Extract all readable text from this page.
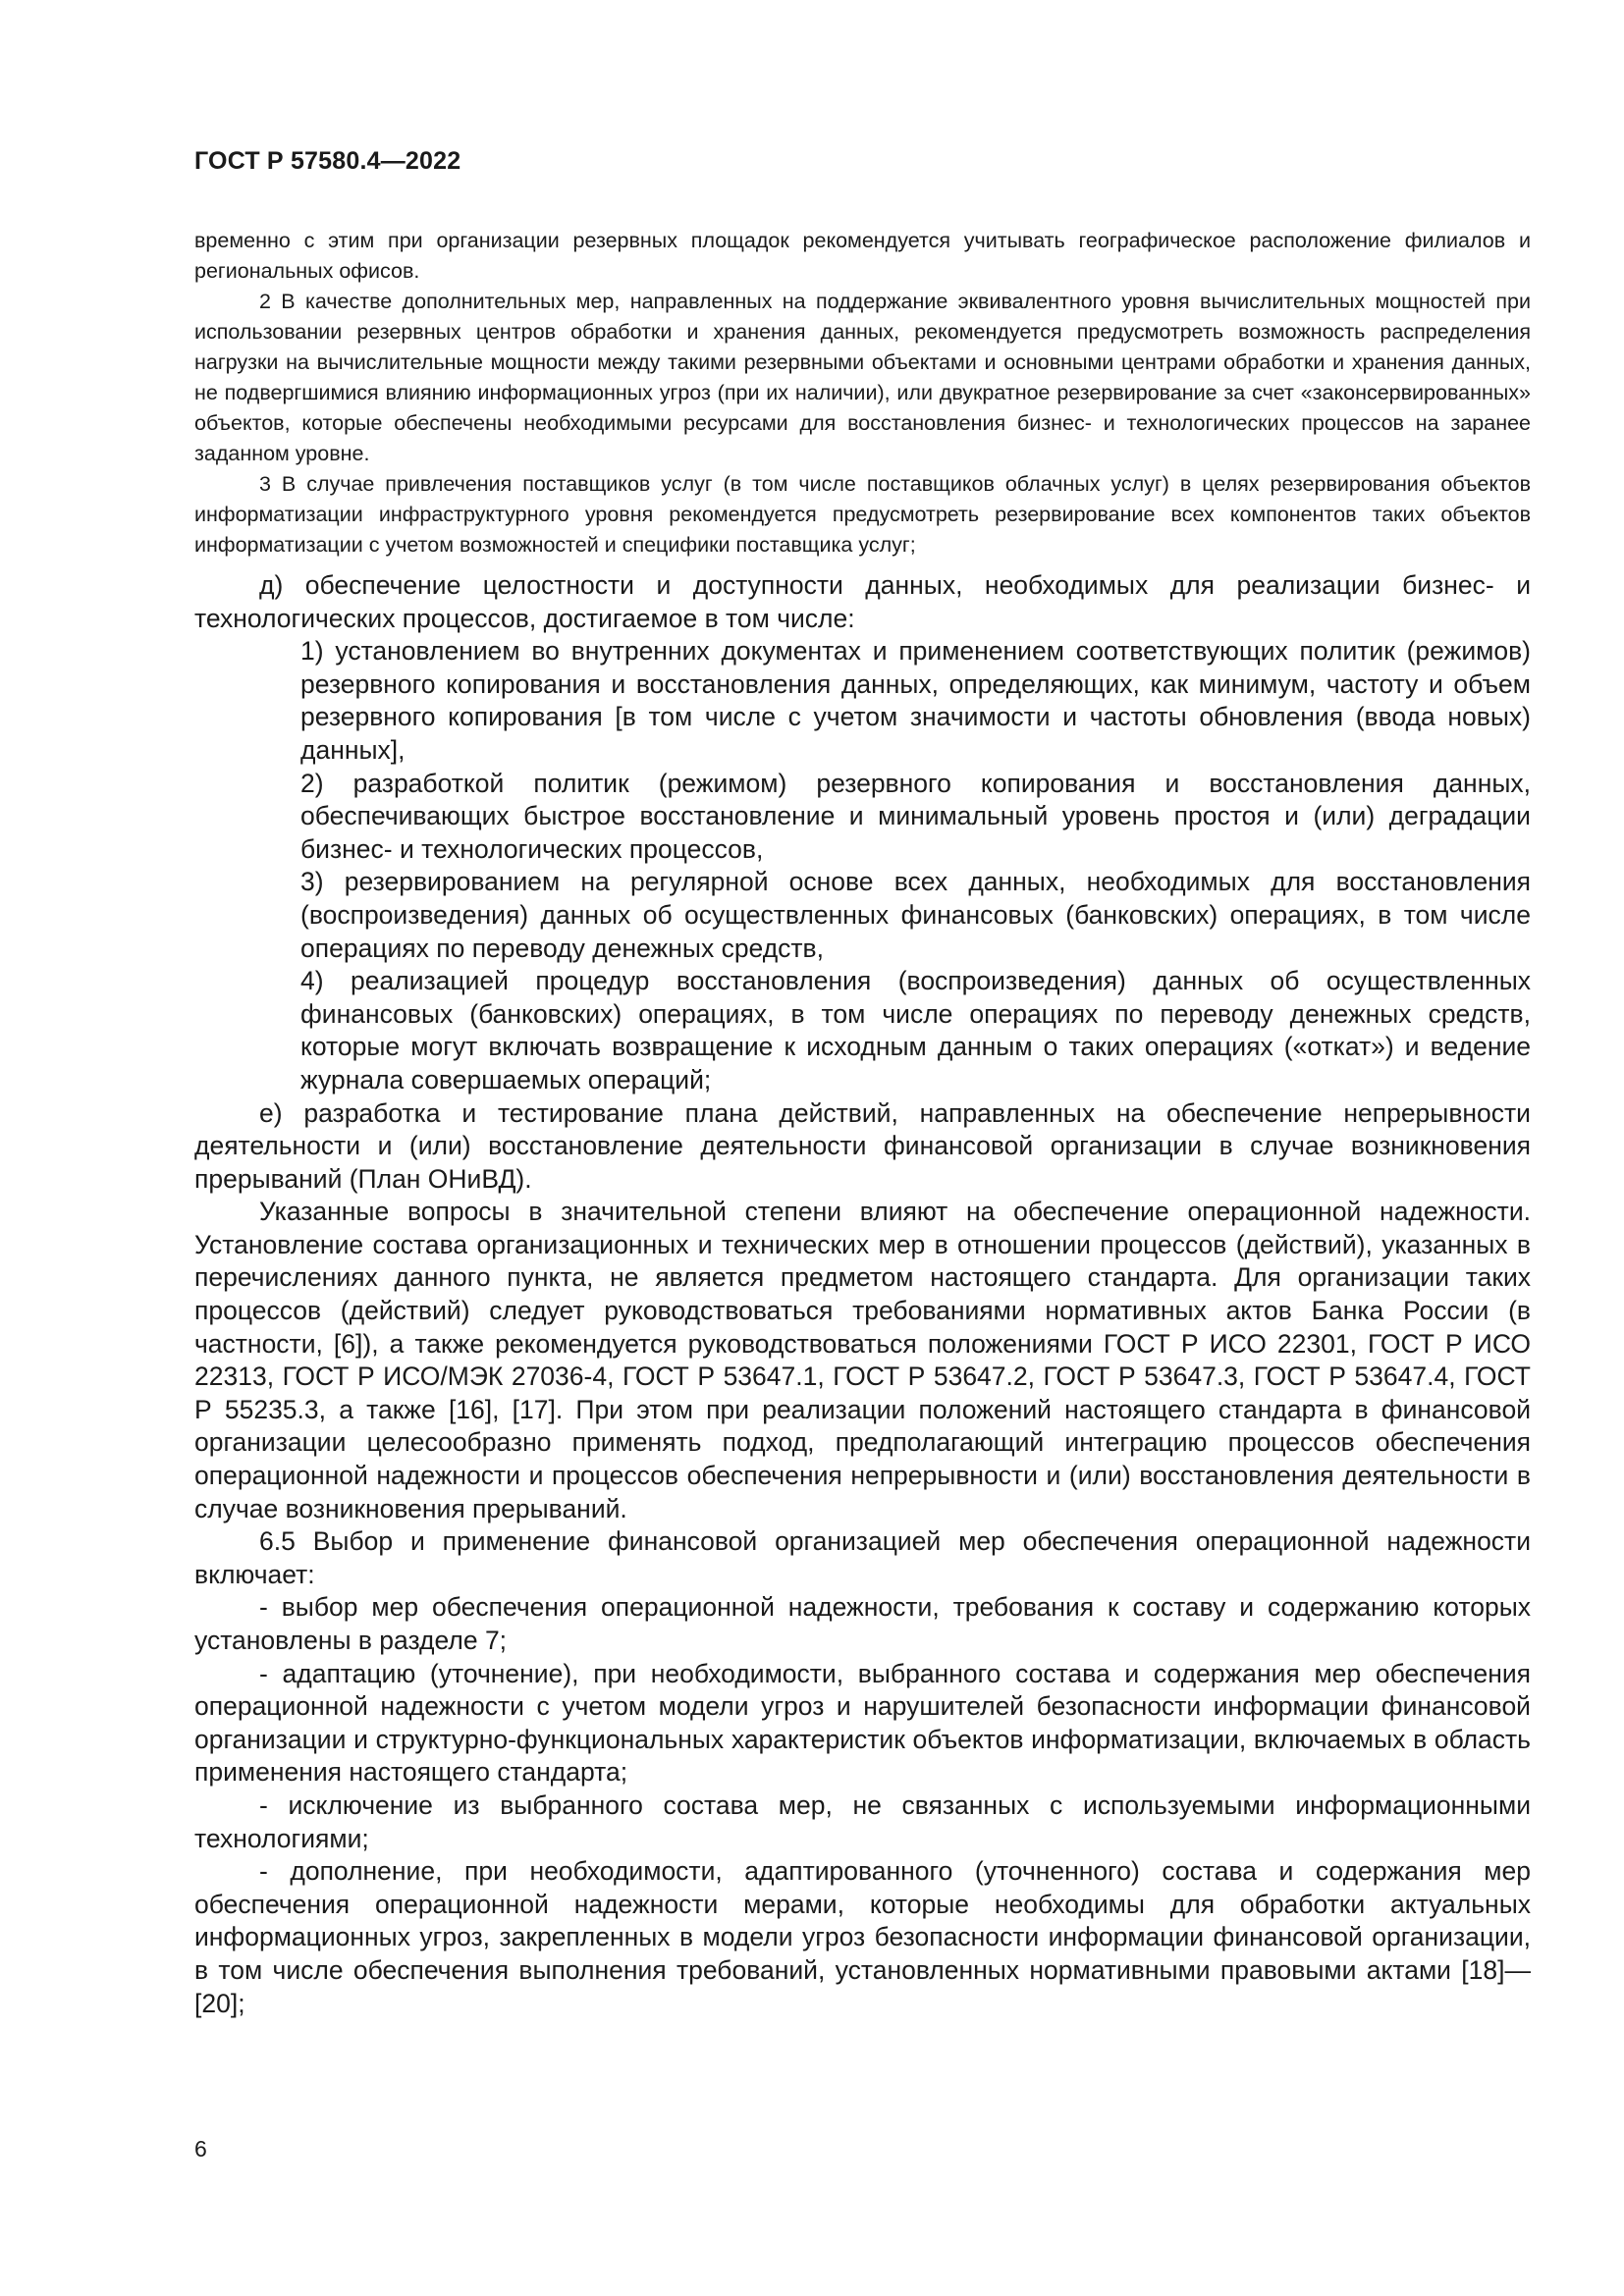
ГОСТ Р 57580.4—2022

временно с этим при организации резервных площадок рекомендуется учитывать географическое расположение филиалов и региональных офисов.

2 В качестве дополнительных мер, направленных на поддержание эквивалентного уровня вычислительных мощностей при использовании резервных центров обработки и хранения данных, рекомендуется предусмотреть возможность распределения нагрузки на вычислительные мощности между такими резервными объектами и основными центрами обработки и хранения данных, не подвергшимися влиянию информационных угроз (при их наличии), или двукратное резервирование за счет «законсервированных» объектов, которые обеспечены необходимыми ресурсами для восстановления бизнес- и технологических процессов на заранее заданном уровне.

3 В случае привлечения поставщиков услуг (в том числе поставщиков облачных услуг) в целях резервирования объектов информатизации инфраструктурного уровня рекомендуется предусмотреть резервирование всех компонентов таких объектов информатизации с учетом возможностей и специфики поставщика услуг;

д) обеспечение целостности и доступности данных, необходимых для реализации бизнес- и технологических процессов, достигаемое в том числе:

1) установлением во внутренних документах и применением соответствующих политик (режимов) резервного копирования и восстановления данных, определяющих, как минимум, частоту и объем резервного копирования [в том числе с учетом значимости и частоты обновления (ввода новых) данных],

2) разработкой политик (режимом) резервного копирования и восстановления данных, обеспечивающих быстрое восстановление и минимальный уровень простоя и (или) деградации бизнес- и технологических процессов,

3) резервированием на регулярной основе всех данных, необходимых для восстановления (воспроизведения) данных об осуществленных финансовых (банковских) операциях, в том числе операциях по переводу денежных средств,

4) реализацией процедур восстановления (воспроизведения) данных об осуществленных финансовых (банковских) операциях, в том числе операциях по переводу денежных средств, которые могут включать возвращение к исходным данным о таких операциях («откат») и ведение журнала совершаемых операций;

е) разработка и тестирование плана действий, направленных на обеспечение непрерывности деятельности и (или) восстановление деятельности финансовой организации в случае возникновения прерываний (План ОНиВД).

Указанные вопросы в значительной степени влияют на обеспечение операционной надежности. Установление состава организационных и технических мер в отношении процессов (действий), указанных в перечислениях данного пункта, не является предметом настоящего стандарта. Для организации таких процессов (действий) следует руководствоваться требованиями нормативных актов Банка России (в частности, [6]), а также рекомендуется руководствоваться положениями ГОСТ Р ИСО 22301, ГОСТ Р ИСО 22313, ГОСТ Р ИСО/МЭК 27036-4, ГОСТ Р 53647.1, ГОСТ Р 53647.2, ГОСТ Р 53647.3, ГОСТ Р 53647.4, ГОСТ Р 55235.3, а также [16], [17]. При этом при реализации положений настоящего стандарта в финансовой организации целесообразно применять подход, предполагающий интеграцию процессов обеспечения операционной надежности и процессов обеспечения непрерывности и (или) восстановления деятельности в случае возникновения прерываний.

6.5 Выбор и применение финансовой организацией мер обеспечения операционной надежности включает:

- выбор мер обеспечения операционной надежности, требования к составу и содержанию которых установлены в разделе 7;

- адаптацию (уточнение), при необходимости, выбранного состава и содержания мер обеспечения операционной надежности с учетом модели угроз и нарушителей безопасности информации финансовой организации и структурно-функциональных характеристик объектов информатизации, включаемых в область применения настоящего стандарта;

- исключение из выбранного состава мер, не связанных с используемыми информационными технологиями;

- дополнение, при необходимости, адаптированного (уточненного) состава и содержания мер обеспечения операционной надежности мерами, которые необходимы для обработки актуальных информационных угроз, закрепленных в модели угроз безопасности информации финансовой организации, в том числе обеспечения выполнения требований, установленных нормативными правовыми актами [18]—[20];

6
